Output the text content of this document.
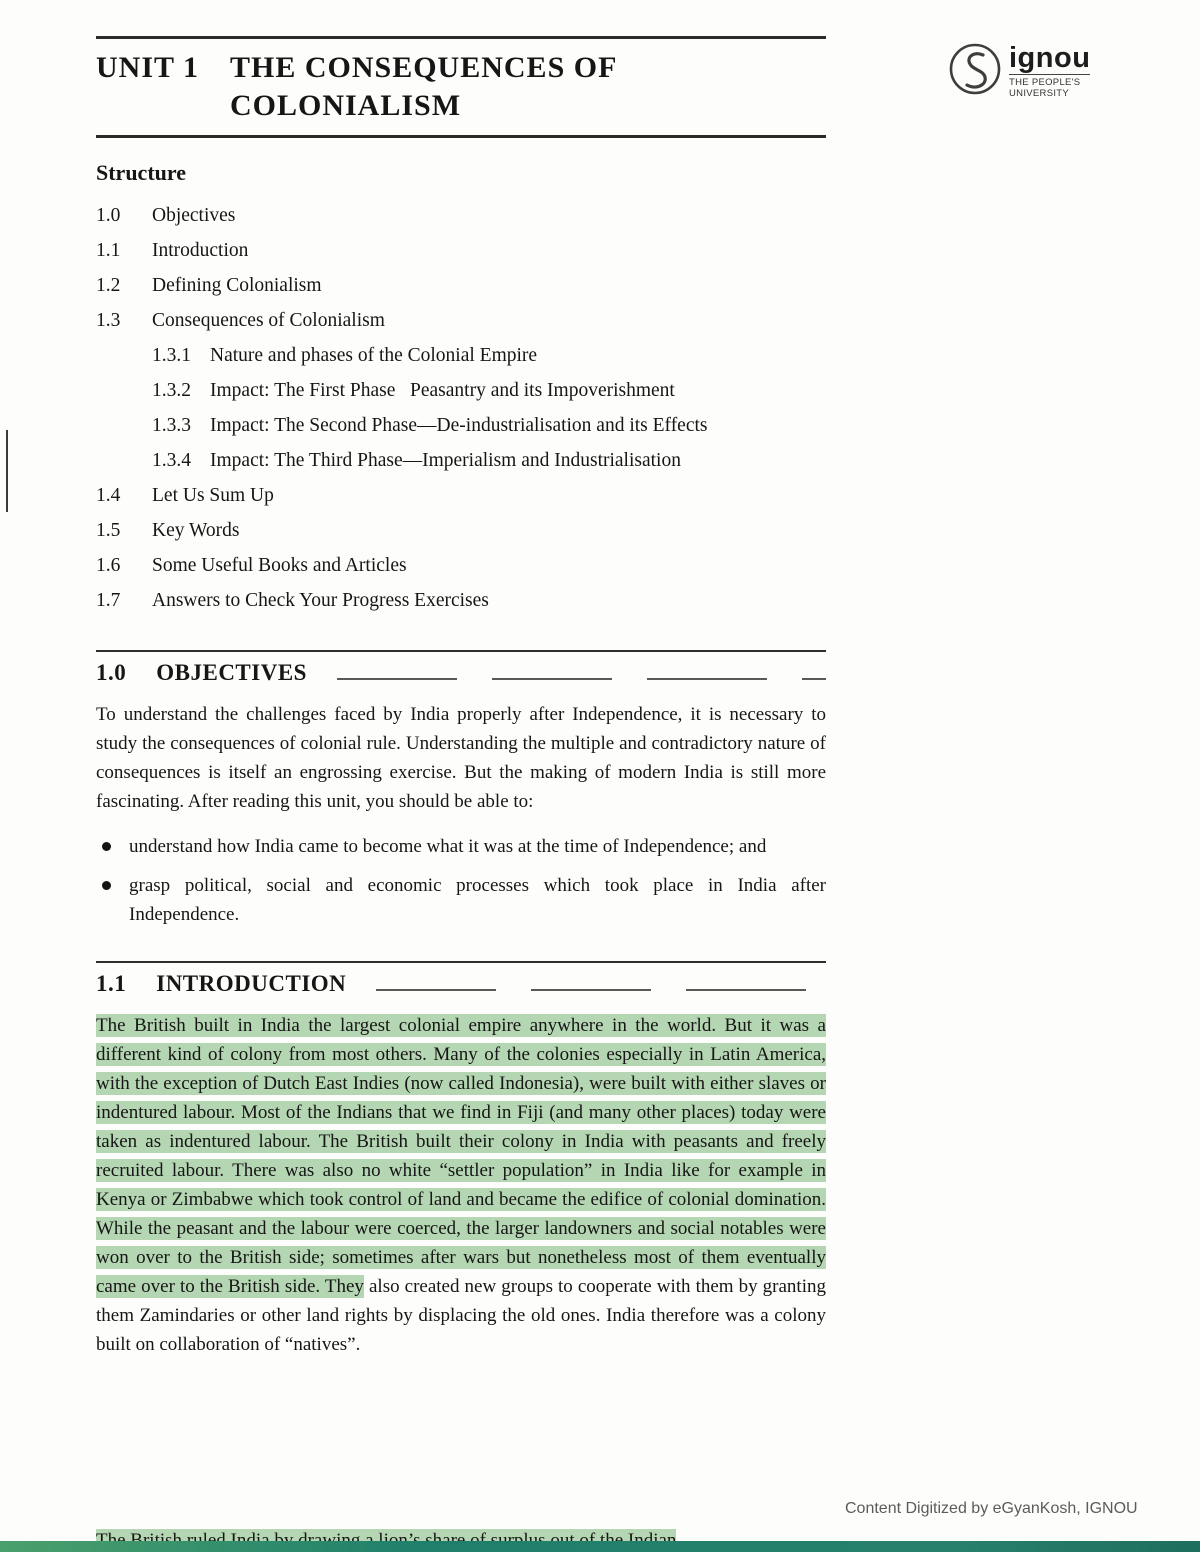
ignou
THE PEOPLE'S
UNIVERSITY
UNIT 1	THE CONSEQUENCES OF
COLONIALISM
Structure
1.0	Objectives
1.1	Introduction
1.2	Defining Colonialism
1.3	Consequences of Colonialism
1.3.1 Nature and phases of the Colonial Empire
1.3.2 Impact: The First Phase   Peasantry and its Impoverishment
1.3.3 Impact: The Second Phase—De-industrialisation and its Effects
1.3.4 Impact: The Third Phase—Imperialism and Industrialisation
1.4	Let Us Sum Up
1.5	Key Words
1.6	Some Useful Books and Articles
1.7	Answers to Check Your Progress Exercises
1.0 OBJECTIVES

To understand the challenges faced by India properly after Independence, it is necessary to study the consequences of colonial rule. Understanding the multiple and contradictory nature of consequences is itself an engrossing exercise. But the making of modern India is still more fascinating. After reading this unit, you should be able to:

understand how India came to become what it was at the time of Independence; and
grasp political, social and economic processes which took place in India after Independence.
1.1 INTRODUCTION

The British built in India the largest colonial empire anywhere in the world. But it was a different kind of colony from most others. Many of the colonies especially in Latin America, with the exception of Dutch East Indies (now called Indonesia), were built with either slaves or indentured labour. Most of the Indians that we find in Fiji (and many other places) today were taken as indentured labour. The British built their colony in India with peasants and freely recruited labour. There was also no white “settler population” in India like for example in Kenya or Zimbabwe which took control of land and became the edifice of colonial domination. While the peasant and the labour were coerced, the larger landowners and social notables were won over to the British side; sometimes after wars but nonetheless most of them eventually came over to the British side. They also created new groups to cooperate with them by granting them Zamindaries or other land rights by displacing the old ones. India therefore was a colony built on collaboration of “natives”.

Content Digitized by eGyanKosh, IGNOU
